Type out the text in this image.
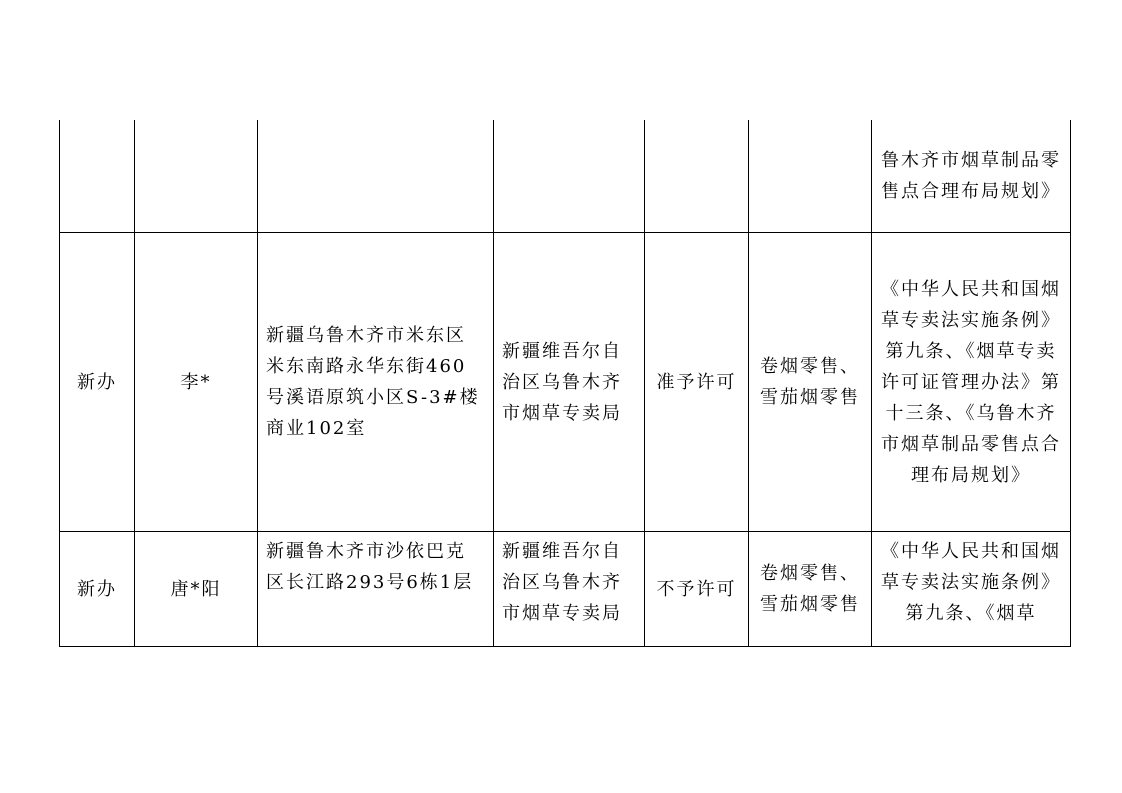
						鲁木齐市烟草制品零售点合理布局规划》
新办	李*	新疆乌鲁木齐市米东区米东南路永华东街460号溪语原筑小区S-3#楼商业102室	新疆维吾尔自治区乌鲁木齐市烟草专卖局	准予许可	卷烟零售、雪茄烟零售	《中华人民共和国烟草专卖法实施条例》第九条、《烟草专卖许可证管理办法》第十三条、《乌鲁木齐市烟草制品零售点合理布局规划》
新办	唐*阳	新疆鲁木齐市沙依巴克区长江路293号6栋1层	新疆维吾尔自治区乌鲁木齐市烟草专卖局	不予许可	卷烟零售、雪茄烟零售	《中华人民共和国烟草专卖法实施条例》第九条、《烟草
